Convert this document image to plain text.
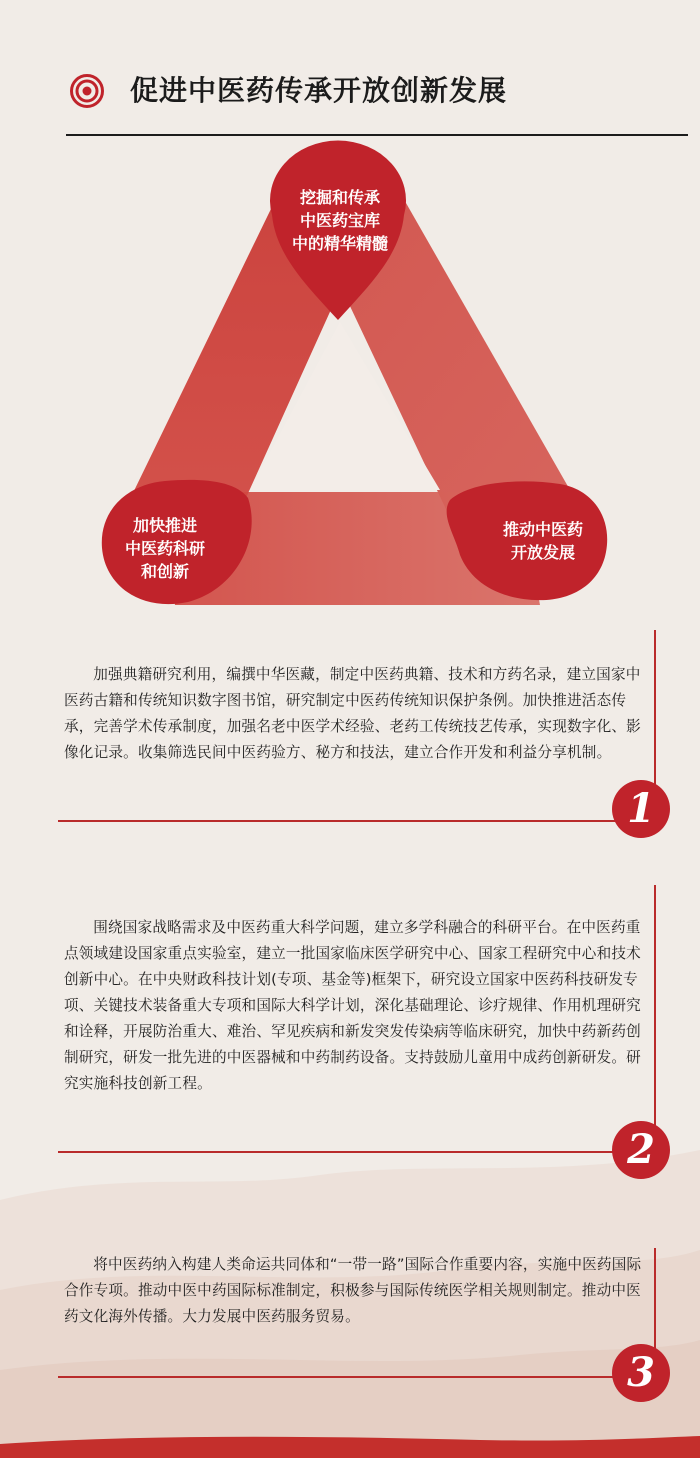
促进中医药传承开放创新发展
挖掘和传承
中医药宝库
中的精华精髓
加快推进
中医药科研
和创新
推动中医药
开放发展

加强典籍研究利用，编撰中华医藏，制定中医药典籍、技术和方药名录，建立国家中医药古籍和传统知识数字图书馆，研究制定中医药传统知识保护条例。加快推进活态传承，完善学术传承制度，加强名老中医学术经验、老药工传统技艺传承，实现数字化、影像化记录。收集筛选民间中医药验方、秘方和技法，建立合作开发和利益分享机制。

1

围绕国家战略需求及中医药重大科学问题，建立多学科融合的科研平台。在中医药重点领域建设国家重点实验室，建立一批国家临床医学研究中心、国家工程研究中心和技术创新中心。在中央财政科技计划(专项、基金等)框架下，研究设立国家中医药科技研发专项、关键技术装备重大专项和国际大科学计划，深化基础理论、诊疗规律、作用机理研究和诠释，开展防治重大、难治、罕见疾病和新发突发传染病等临床研究，加快中药新药创制研究，研发一批先进的中医器械和中药制药设备。支持鼓励儿童用中成药创新研发。研究实施科技创新工程。

2

将中医药纳入构建人类命运共同体和“一带一路”国际合作重要内容，实施中医药国际合作专项。推动中医中药国际标准制定，积极参与国际传统医学相关规则制定。推动中医药文化海外传播。大力发展中医药服务贸易。

3
